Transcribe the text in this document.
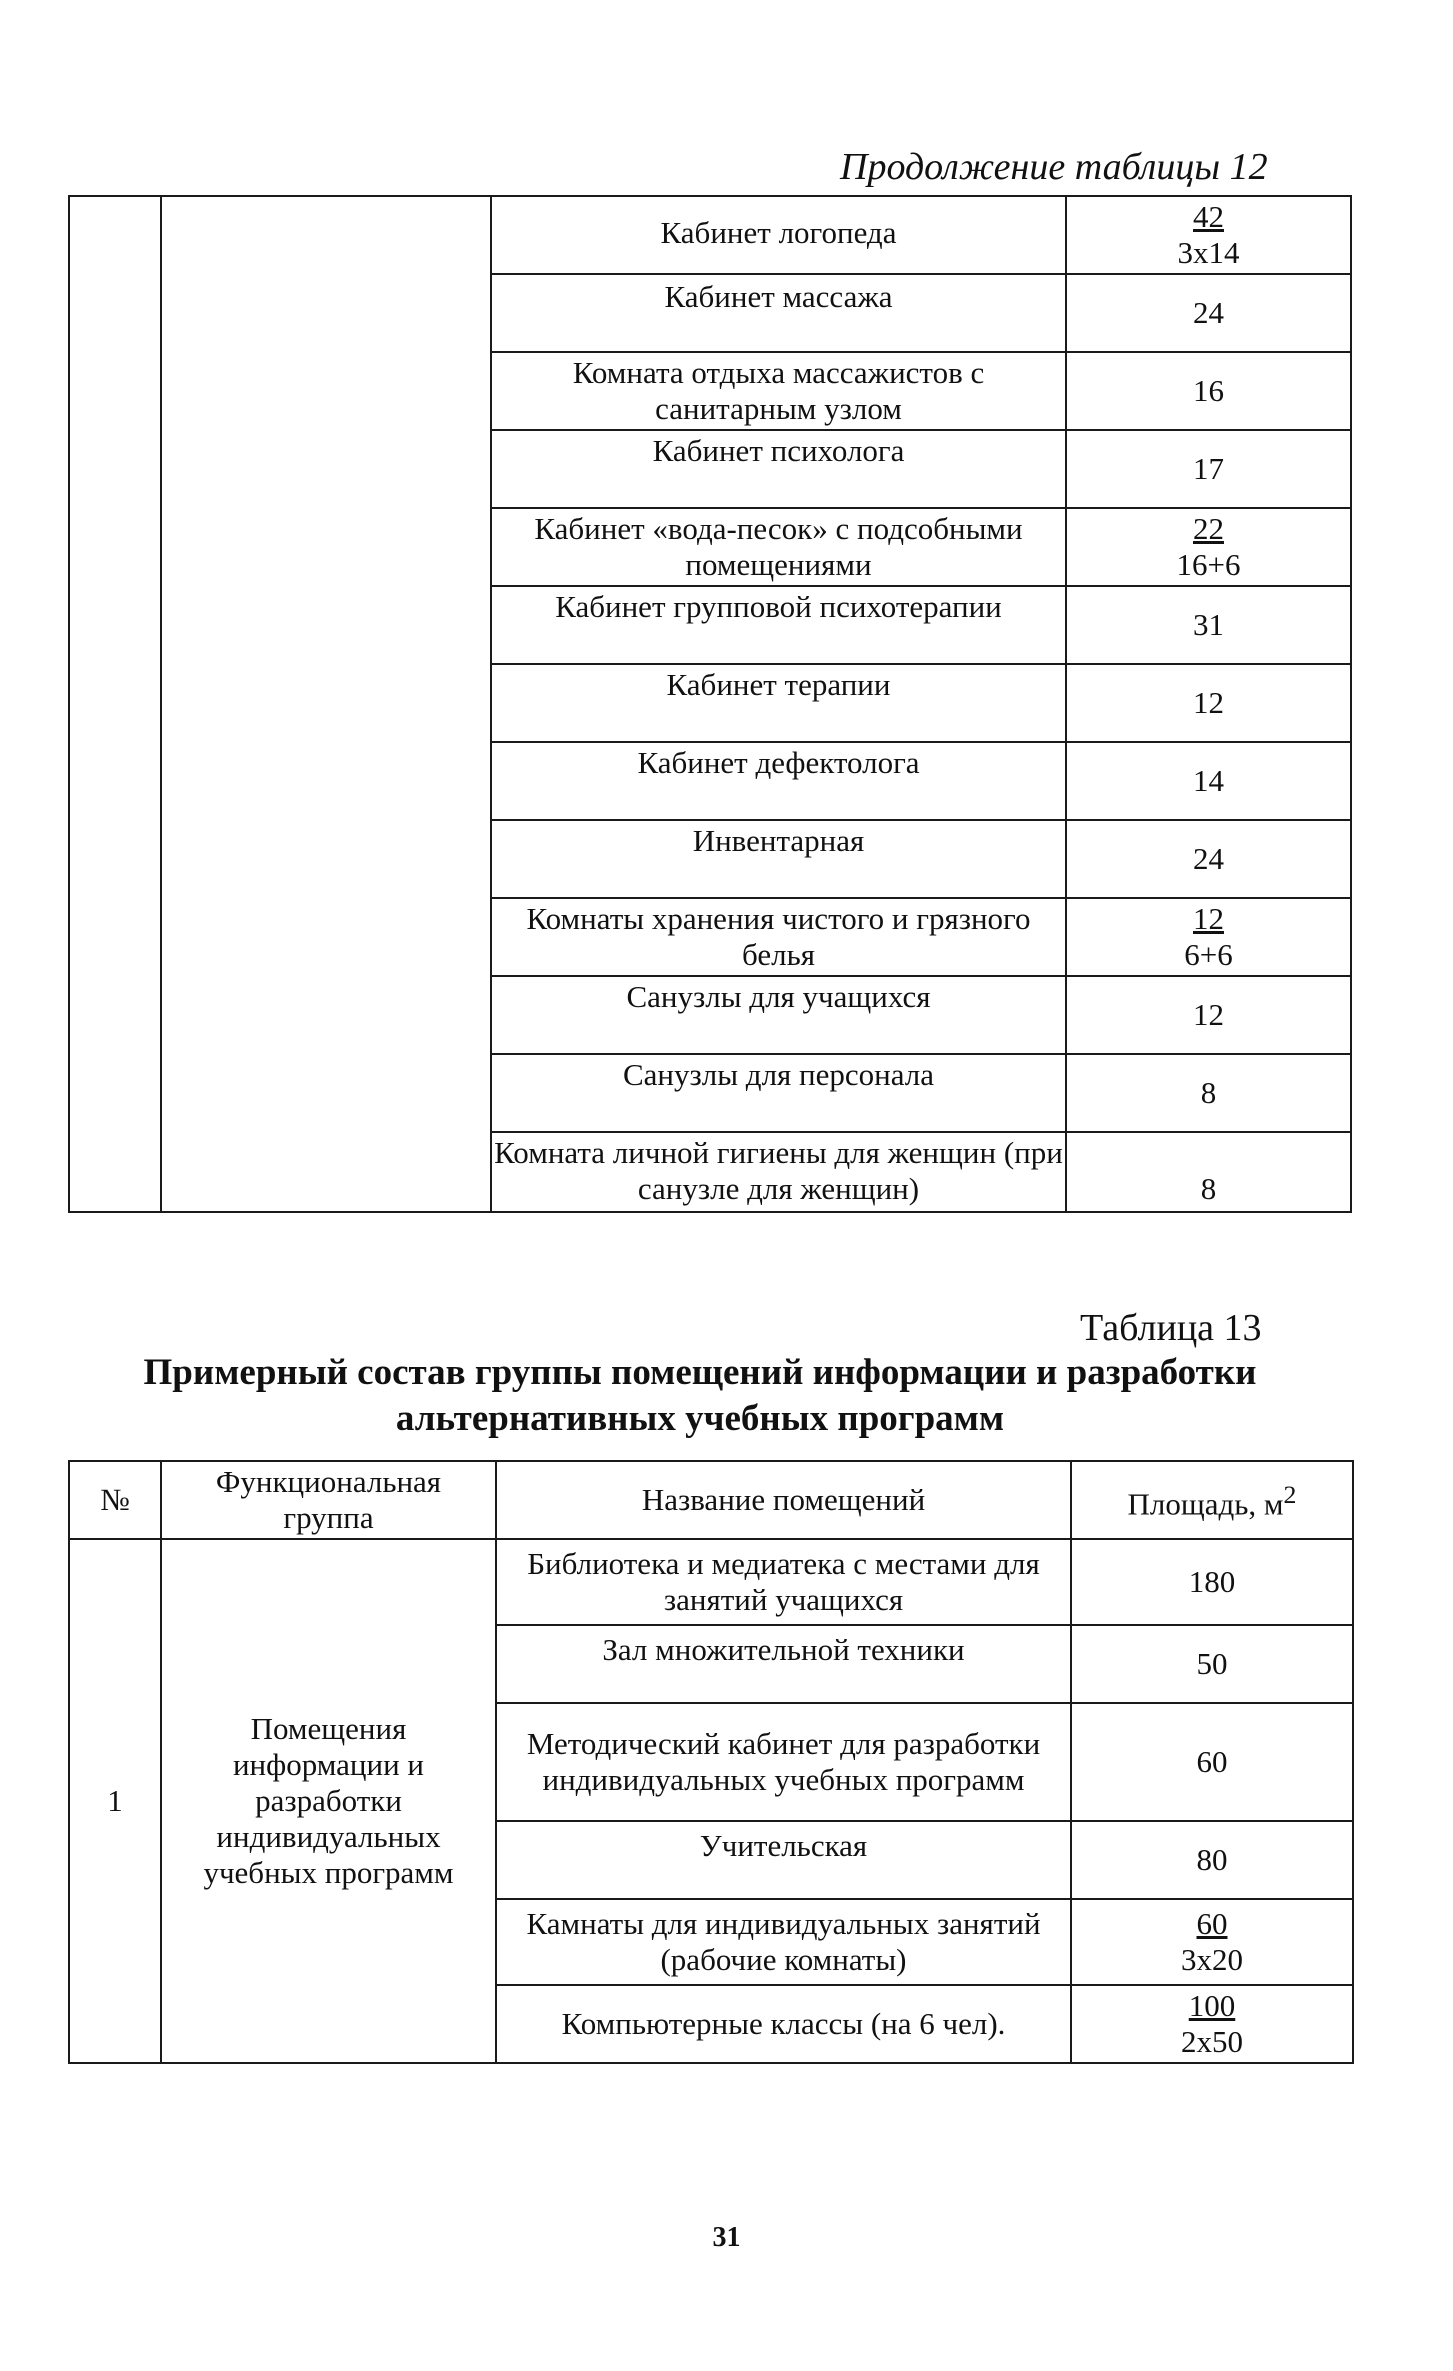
Продолжение таблицы 12
		Кабинет логопеда	$\frac{42}{3x14}$

		Кабинет массажа	24
		Комната отдыха массажистов с санитарным узлом	16
		Кабинет психолога	17
		Кабинет «вода-песок» с подсобными помещениями	$\frac{22}{16+6}$

		Кабинет групповой психотерапии	31
		Кабинет терапии	12
		Кабинет дефектолога	14
		Инвентарная	24
		Комнаты хранения чистого и грязного белья	$\frac{12}{6+6}$

		Санузлы для учащихся	12
		Санузлы для персонала	8
		Комната личной гигиены для женщин (при санузле для женщин)	8
Таблица 13
Примерный состав группы помещений информации и разработки альтернативных учебных программ
№	Функциональная группа	Название помещений	Площадь, $м^2$
1	Помещения информации и разработки индивидуальных учебных программ	Библиотека и медиатека с местами для занятий учащихся	180
		Зал множительной техники	50
		Методический кабинет для разработки индивидуальных учебных программ	60
		Учительская	80
		Камнаты для индивидуальных занятий (рабочие комнаты)	$\frac{60}{3x20}$

		Компьютерные классы (на 6 чел).	$\frac{100}{2x50}$
31
